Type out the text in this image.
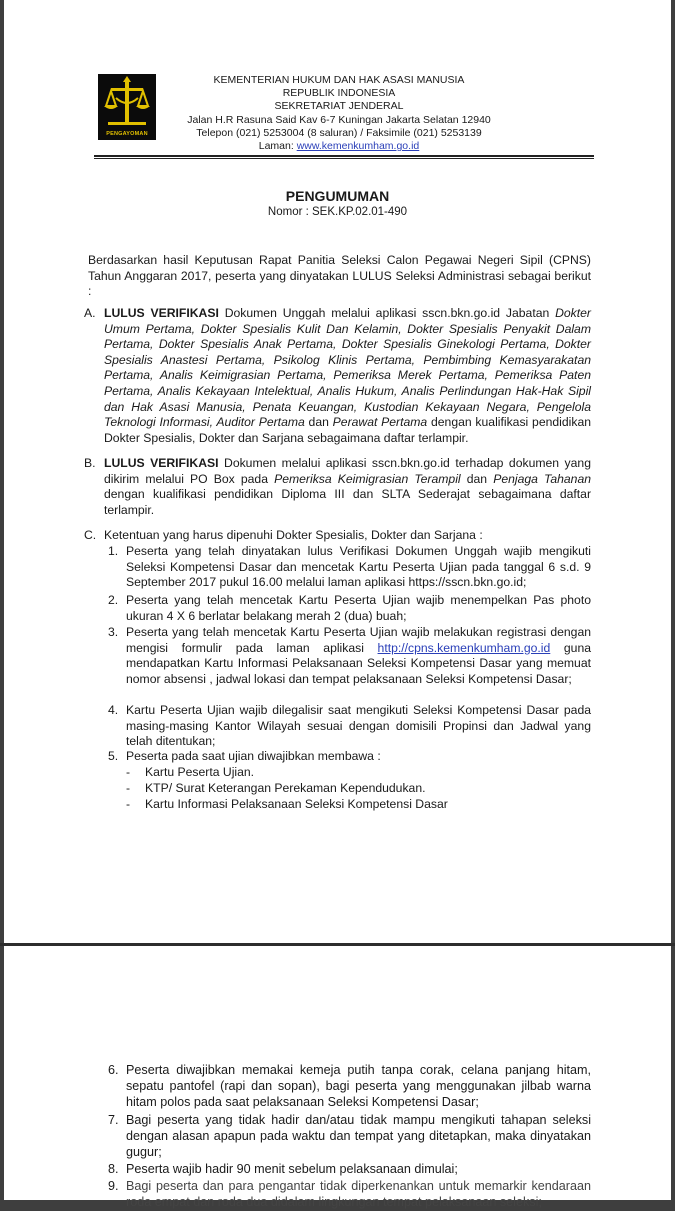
PENGAYOMAN
KEMENTERIAN HUKUM DAN HAK ASASI MANUSIA
REPUBLIK INDONESIA
SEKRETARIAT JENDERAL
Jalan H.R Rasuna Said Kav 6-7 Kuningan Jakarta Selatan 12940
Telepon (021) 5253004 (8 saluran) / Faksimile (021) 5253139
Laman: www.kemenkumham.go.id
PENGUMUMAN
Nomor : SEK.KP.02.01-490
Berdasarkan hasil Keputusan Rapat Panitia Seleksi Calon Pegawai Negeri Sipil (CPNS) Tahun Anggaran 2017, peserta yang dinyatakan LULUS Seleksi Administrasi sebagai berikut :
A. LULUS VERIFIKASI Dokumen Unggah melalui aplikasi sscn.bkn.go.id Jabatan Dokter Umum Pertama, Dokter Spesialis Kulit Dan Kelamin, Dokter Spesialis Penyakit Dalam Pertama, Dokter Spesialis Anak Pertama, Dokter Spesialis Ginekologi Pertama, Dokter Spesialis Anastesi Pertama, Psikolog Klinis Pertama, Pembimbing Kemasyarakatan Pertama, Analis Keimigrasian Pertama, Pemeriksa Merek Pertama, Pemeriksa Paten Pertama, Analis Kekayaan Intelektual, Analis Hukum, Analis Perlindungan Hak-Hak Sipil dan Hak Asasi Manusia, Penata Keuangan, Kustodian Kekayaan Negara, Pengelola Teknologi Informasi, Auditor Pertama dan Perawat Pertama dengan kualifikasi pendidikan Dokter Spesialis, Dokter dan Sarjana sebagaimana daftar terlampir.
B. LULUS VERIFIKASI Dokumen melalui aplikasi sscn.bkn.go.id terhadap dokumen yang dikirim melalui PO Box pada Pemeriksa Keimigrasian Terampil dan Penjaga Tahanan dengan kualifikasi pendidikan Diploma III dan SLTA Sederajat sebagaimana daftar terlampir.
C. Ketentuan yang harus dipenuhi Dokter Spesialis, Dokter dan Sarjana :
1. Peserta yang telah dinyatakan lulus Verifikasi Dokumen Unggah wajib mengikuti Seleksi Kompetensi Dasar dan mencetak Kartu Peserta Ujian pada tanggal 6 s.d. 9 September 2017 pukul 16.00 melalui laman aplikasi https://sscn.bkn.go.id;
2. Peserta yang telah mencetak Kartu Peserta Ujian wajib menempelkan Pas photo ukuran 4 X 6 berlatar belakang merah 2 (dua) buah;
3. Peserta yang telah mencetak Kartu Peserta Ujian wajib melakukan registrasi dengan mengisi formulir pada laman aplikasi http://cpns.kemenkumham.go.id guna mendapatkan Kartu Informasi Pelaksanaan Seleksi Kompetensi Dasar yang memuat nomor absensi , jadwal lokasi dan tempat pelaksanaan Seleksi Kompetensi Dasar;
4. Kartu Peserta Ujian wajib dilegalisir saat mengikuti Seleksi Kompetensi Dasar pada masing-masing Kantor Wilayah sesuai dengan domisili Propinsi dan Jadwal yang telah ditentukan;
5. Peserta pada saat ujian diwajibkan membawa :
- Kartu Peserta Ujian.
- KTP/ Surat Keterangan Perekaman Kependudukan.
- Kartu Informasi Pelaksanaan Seleksi Kompetensi Dasar
6. Peserta diwajibkan memakai kemeja putih tanpa corak, celana panjang hitam, sepatu pantofel (rapi dan sopan), bagi peserta yang menggunakan jilbab warna hitam polos pada saat pelaksanaan Seleksi Kompetensi Dasar;
7. Bagi peserta yang tidak hadir dan/atau tidak mampu mengikuti tahapan seleksi dengan alasan apapun pada waktu dan tempat yang ditetapkan, maka dinyatakan gugur;
8. Peserta wajib hadir 90 menit sebelum pelaksanaan dimulai;
9. Bagi peserta dan para pengantar tidak diperkenankan untuk memarkir kendaraan roda empat dan roda dua didalam lingkungan tempat pelaksanaan seleksi;
